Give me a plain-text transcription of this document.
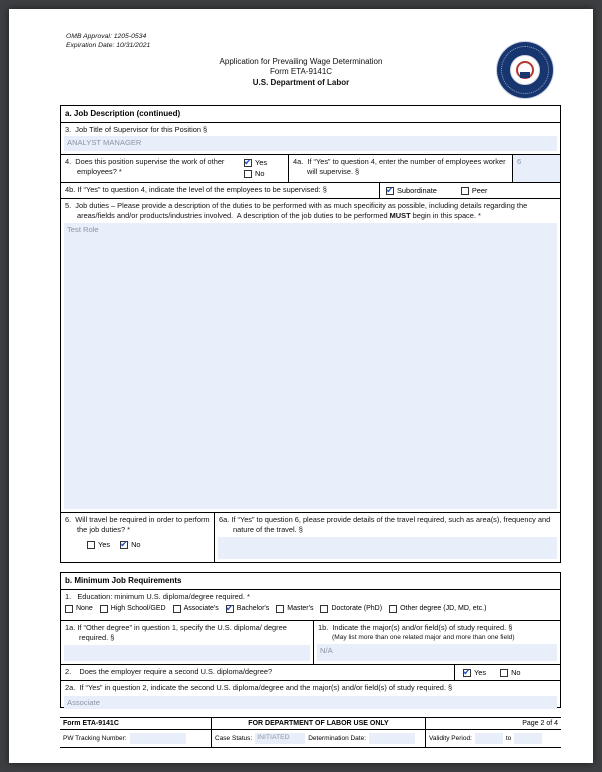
OMB Approval: 1205-0534
Expiration Date: 10/31/2021
Application for Prevailing Wage Determination
Form ETA-9141C
U.S. Department of Labor
a. Job Description (continued)
3.  Job Title of Supervisor for this Position §
ANALYST MANAGER
4.  Does this position supervise the work of other employees? *
✔
Yes
No
4a.  If “Yes” to question 4, enter the number of employees worker will supervise. §
6
4b. If “Yes” to question 4, indicate the level of the employees to be supervised: § ✔	Subordinate	Peer
5.  Job duties – Please provide a description of the duties to be performed with as much specificity as possible, including details regarding the areas/fields and/or products/industries involved.  A description of the job duties to be performed MUST begin in this space. *
Test Role
6.  Will travel be required in order to perform the job duties? *
Yes ✔	No
6a. If “Yes” to question 6, please provide details of the travel required, such as area(s), frequency and nature of the travel. §
b. Minimum Job Requirements
1.   Education: minimum U.S. diploma/degree required. *
None	High School/GED	Associate's ✔	Bachelor's	Master's	Doctorate (PhD)	Other degree (JD, MD, etc.)
1a. If “Other degree” in question 1, specify the U.S. diploma/ degree required. §
1b.  Indicate the major(s) and/or field(s) of study required. §
(May list more than one related major and more than one field)
N/A
2.    Does the employer require a second U.S. diploma/degree? ✔	Yes	No
2a.  If “Yes” in question 2, indicate the second U.S. diploma/degree and the major(s) and/or field(s) of study required. §
Associate
Form ETA-9141C	FOR DEPARTMENT OF LABOR USE ONLY	Page 2 of 4
PW Tracking Number:	Case Status: INITIATED	Determination Date:	Validity Period:	to
